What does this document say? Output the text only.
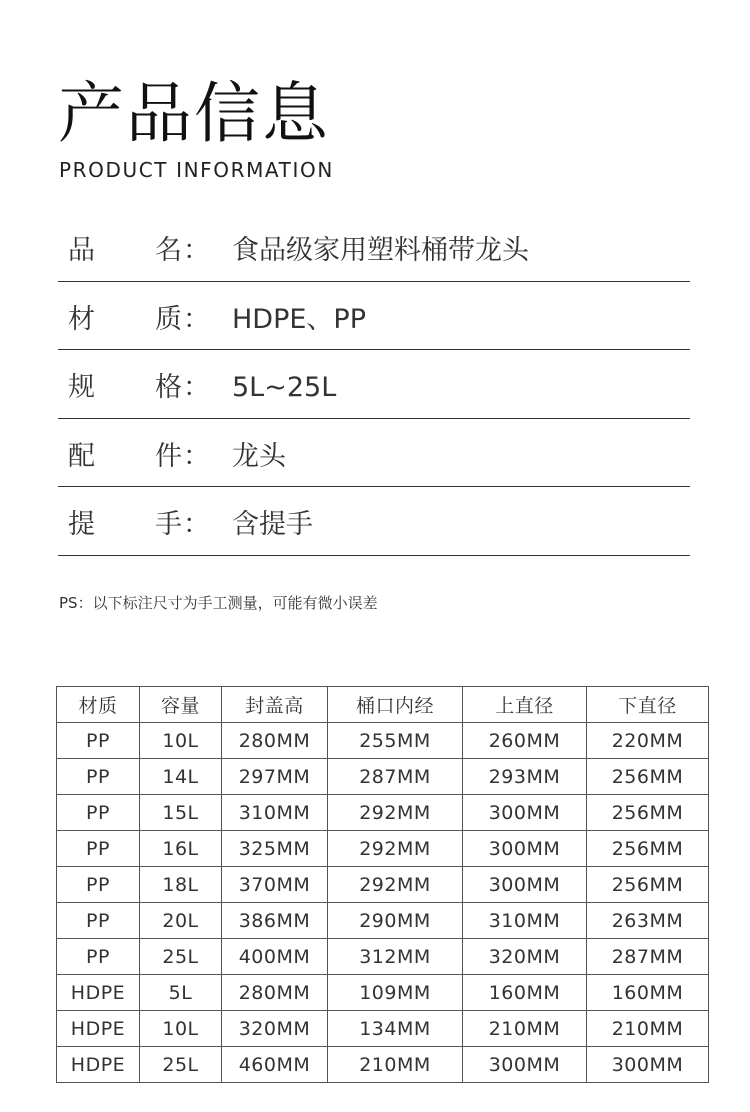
产品信息
PRODUCT INFORMATION
品 名 ： 食品级家用塑料桶带龙头
材 质 ： HDPE、PP
规 格 ： 5L~25L
配 件 ： 龙头
提 手 ： 含提手
PS：以下标注尺寸为手工测量，可能有微小误差
材质	容量	封盖高	桶口内经	上直径	下直径
PP	10L	280MM	255MM	260MM	220MM
PP	14L	297MM	287MM	293MM	256MM
PP	15L	310MM	292MM	300MM	256MM
PP	16L	325MM	292MM	300MM	256MM
PP	18L	370MM	292MM	300MM	256MM
PP	20L	386MM	290MM	310MM	263MM
PP	25L	400MM	312MM	320MM	287MM
HDPE	5L	280MM	109MM	160MM	160MM
HDPE	10L	320MM	134MM	210MM	210MM
HDPE	25L	460MM	210MM	300MM	300MM
